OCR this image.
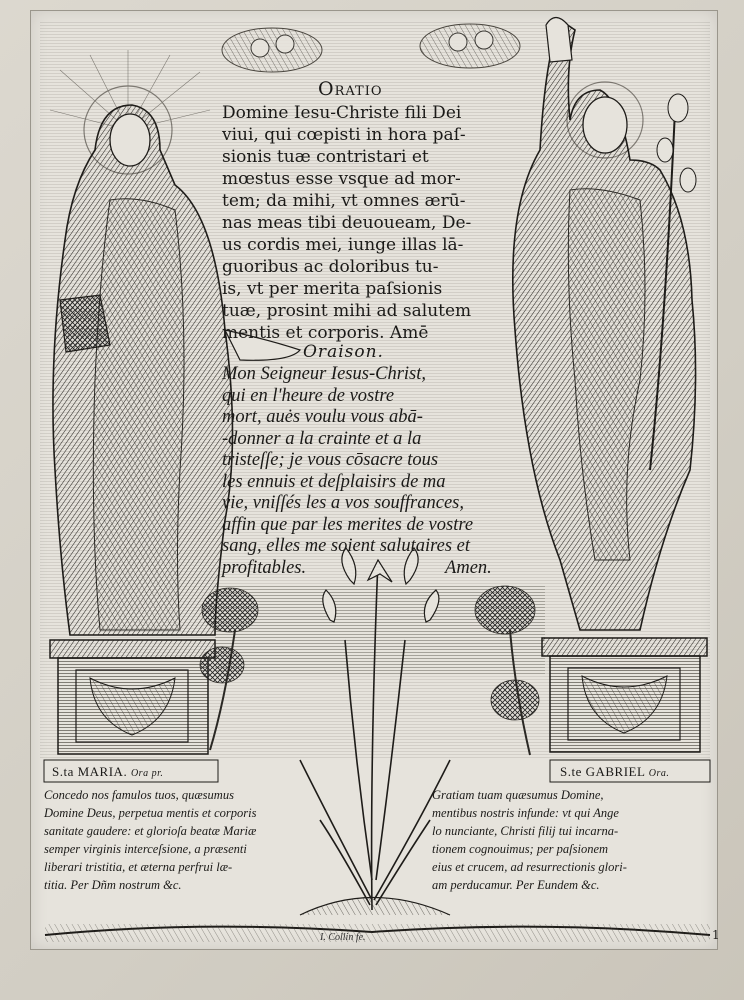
Oratio
Domine Iesu-Christe fili Dei
viui, qui cœpisti in hora paſ-
sionis tuæ contristari et
mœstus esse vsque ad mor-
tem; da mihi, vt omnes ærū-
nas meas tibi deuoueam, De-
us cordis mei, iunge illas lā-
guoribus ac doloribus tu-
is, vt per merita paſsionis
tuæ, prosint mihi ad salutem
mentis et corporis. Amē
Oraison.
Mon Seigneur Iesus-Christ,
qui en l'heure de vostre
mort, auės voulu vous abā-
-donner a la crainte et a la
tristeſſe; je vous cōsacre tous
les ennuis et deſplaisirs de ma
vie, vniſſés les a vos souffrances,
affin que par les merites de vostre
sang, elles me soient salutaires et
profitables.	Amen.
S.ta MARIA. Ora pr.	S.te GABRIEL Ora.
Concedo nos famulos tuos, quæsumus
Domine Deus, perpetua mentis et corporis
sanitate gaudere: et glorioſa beatæ Mariæ
semper virginis interceſsione, a præsenti
liberari tristitia, et æterna perfrui læ-
titia. Per Dñm nostrum &c.
Gratiam tuam quæsumus Domine,
mentibus nostris infunde: vt qui Ange
lo nunciante, Christi filij tui incarna-
tionem cognouimus; per paſsionem
eius et crucem, ad resurrectionis glori-
am perducamur. Per Eundem &c.
I. Collin fe.	1
